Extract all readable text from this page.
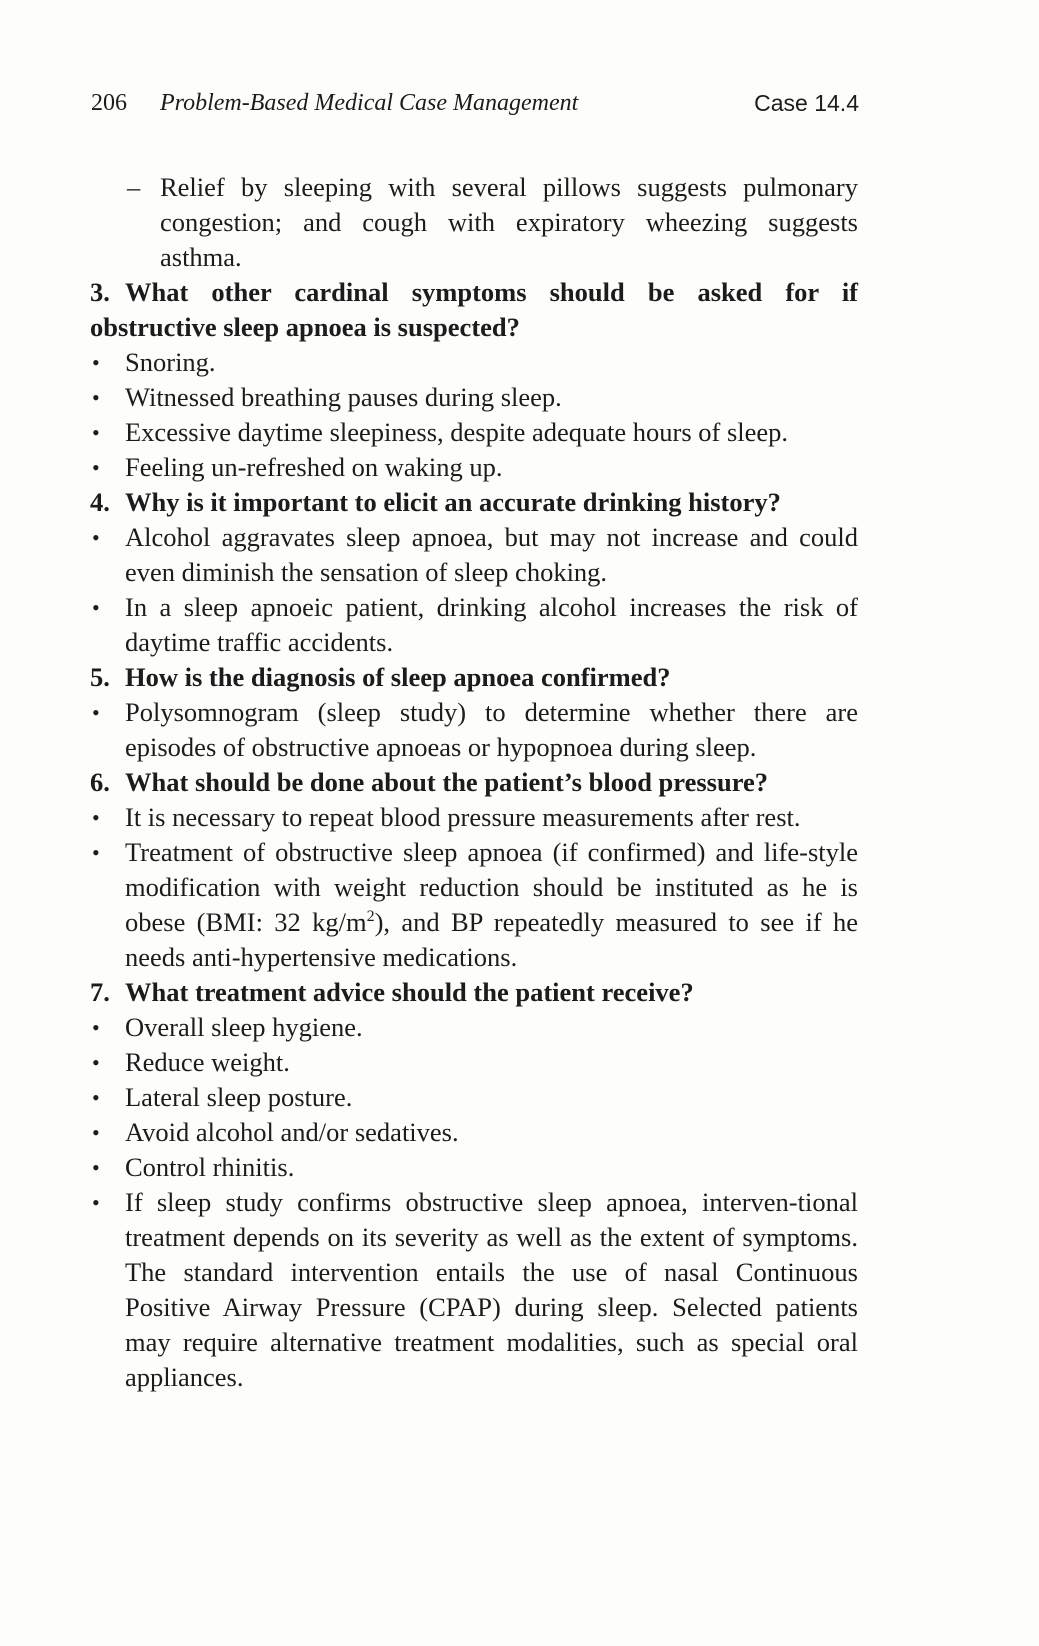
206 Problem-Based Medical Case Management	Case 14.4
– Relief by sleeping with several pillows suggests pulmonary congestion; and cough with expiratory wheezing suggests asthma.
3. What other cardinal symptoms should be asked for if obstructive sleep apnoea is suspected?
• Snoring.
• Witnessed breathing pauses during sleep.
• Excessive daytime sleepiness, despite adequate hours of sleep.
• Feeling un-refreshed on waking up.
4. Why is it important to elicit an accurate drinking history?
• Alcohol aggravates sleep apnoea, but may not increase and could even diminish the sensation of sleep choking.
• In a sleep apnoeic patient, drinking alcohol increases the risk of daytime traffic accidents.
5. How is the diagnosis of sleep apnoea confirmed?
• Polysomnogram (sleep study) to determine whether there are episodes of obstructive apnoeas or hypopnoea during sleep.
6. What should be done about the patient’s blood pressure?
• It is necessary to repeat blood pressure measurements after rest.
• Treatment of obstructive sleep apnoea (if confirmed) and life-style modification with weight reduction should be instituted as he is obese (BMI: 32 $kg/m^2$), and BP repeatedly measured to see if he needs anti-hypertensive medications.
7. What treatment advice should the patient receive?
• Overall sleep hygiene.
• Reduce weight.
• Lateral sleep posture.
• Avoid alcohol and/or sedatives.
• Control rhinitis.
• If sleep study confirms obstructive sleep apnoea, interven-tional treatment depends on its severity as well as the extent of symptoms. The standard intervention entails the use of nasal Continuous Positive Airway Pressure (CPAP) during sleep. Selected patients may require alternative treatment modalities, such as special oral appliances.
